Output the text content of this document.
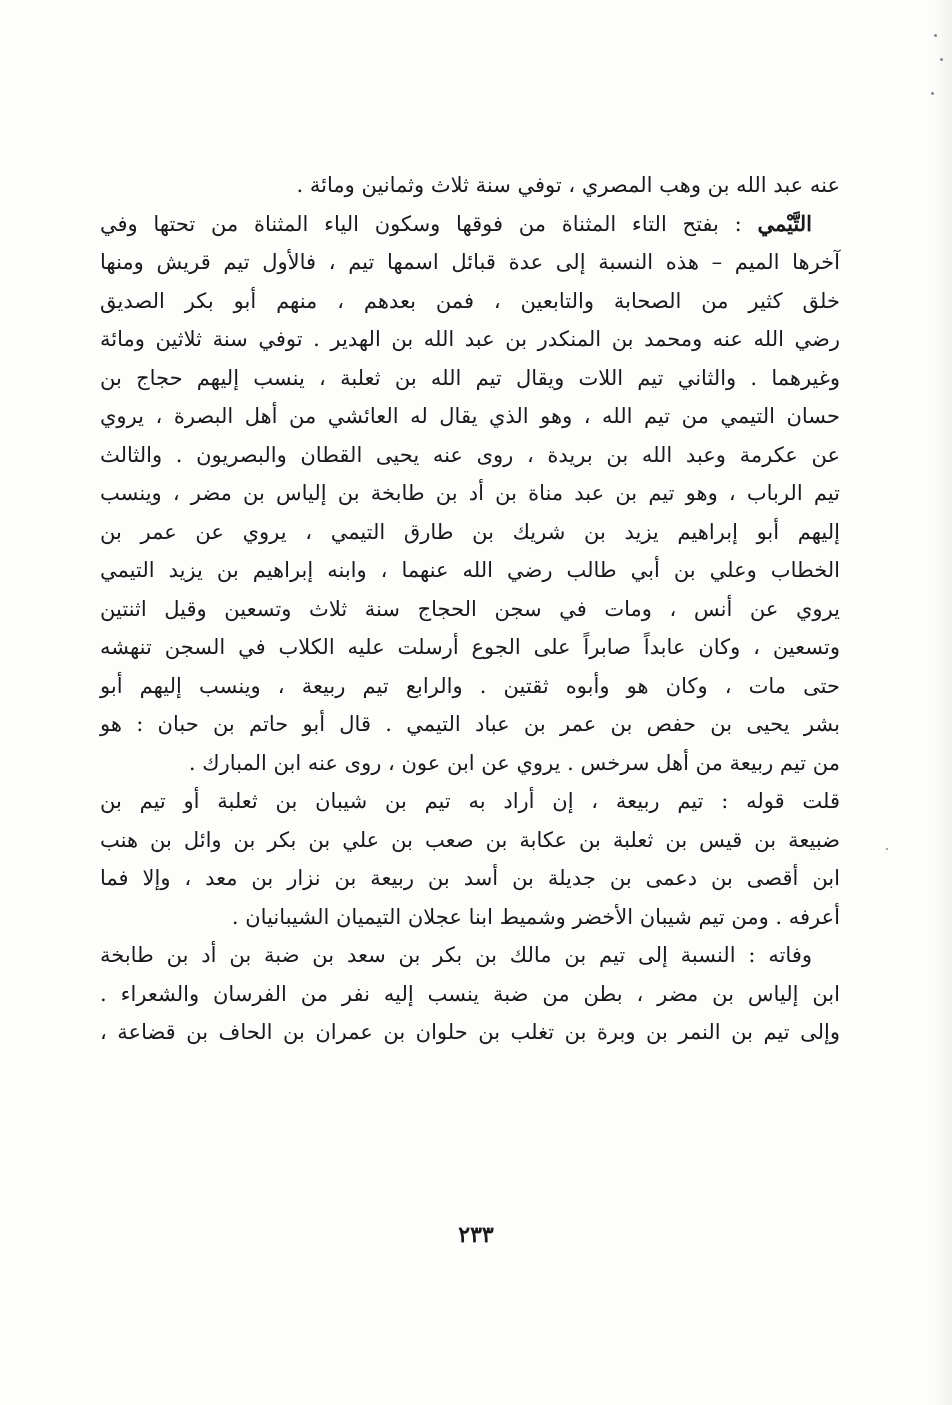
عنه عبد الله بن وهب المصري ، توفي سنة ثلاث وثمانين ومائة .
التَّيْمي : بفتح التاء المثناة من فوقها وسكون الياء المثناة من تحتها وفي
آخرها الميم – هذه النسبة إلى عدة قبائل اسمها تيم ، فالأول تيم قريش ومنها
خلق كثير من الصحابة والتابعين ، فمن بعدهم ، منهم أبو بكر الصديق
رضي الله عنه ومحمد بن المنكدر بن عبد الله بن الهدير . توفي سنة ثلاثين ومائة
وغيرهما . والثاني تيم اللات ويقال تيم الله بن ثعلبة ، ينسب إليهم حجاج بن
حسان التيمي من تيم الله ، وهو الذي يقال له العائشي من أهل البصرة ، يروي
عن عكرمة وعبد الله بن بريدة ، روى عنه يحيى القطان والبصريون . والثالث
تيم الرباب ، وهو تيم بن عبد مناة بن أد بن طابخة بن إلياس بن مضر ، وينسب
إليهم أبو إبراهيم يزيد بن شريك بن طارق التيمي ، يروي عن عمر بن
الخطاب وعلي بن أبي طالب رضي الله عنهما ، وابنه إبراهيم بن يزيد التيمي
يروي عن أنس ، ومات في سجن الحجاج سنة ثلاث وتسعين وقيل اثنتين
وتسعين ، وكان عابداً صابراً على الجوع أرسلت عليه الكلاب في السجن تنهشه
حتى مات ، وكان هو وأبوه ثقتين . والرابع تيم ربيعة ، وينسب إليهم أبو
بشر يحيى بن حفص بن عمر بن عباد التيمي . قال أبو حاتم بن حبان : هو
من تيم ربيعة من أهل سرخس . يروي عن ابن عون ، روى عنه ابن المبارك .
قلت قوله : تيم ربيعة ، إن أراد به تيم بن شيبان بن ثعلبة أو تيم بن
ضبيعة بن قيس بن ثعلبة بن عكابة بن صعب بن علي بن بكر بن وائل بن هنب
ابن أقصى بن دعمى بن جديلة بن أسد بن ربيعة بن نزار بن معد ، وإلا فما
أعرفه . ومن تيم شيبان الأخضر وشميط ابنا عجلان التيميان الشيبانيان .
وفاته : النسبة إلى تيم بن مالك بن بكر بن سعد بن ضبة بن أد بن طابخة
ابن إلياس بن مضر ، بطن من ضبة ينسب إليه نفر من الفرسان والشعراء .
وإلى تيم بن النمر بن وبرة بن تغلب بن حلوان بن عمران بن الحاف بن قضاعة ،
٢٣٣
